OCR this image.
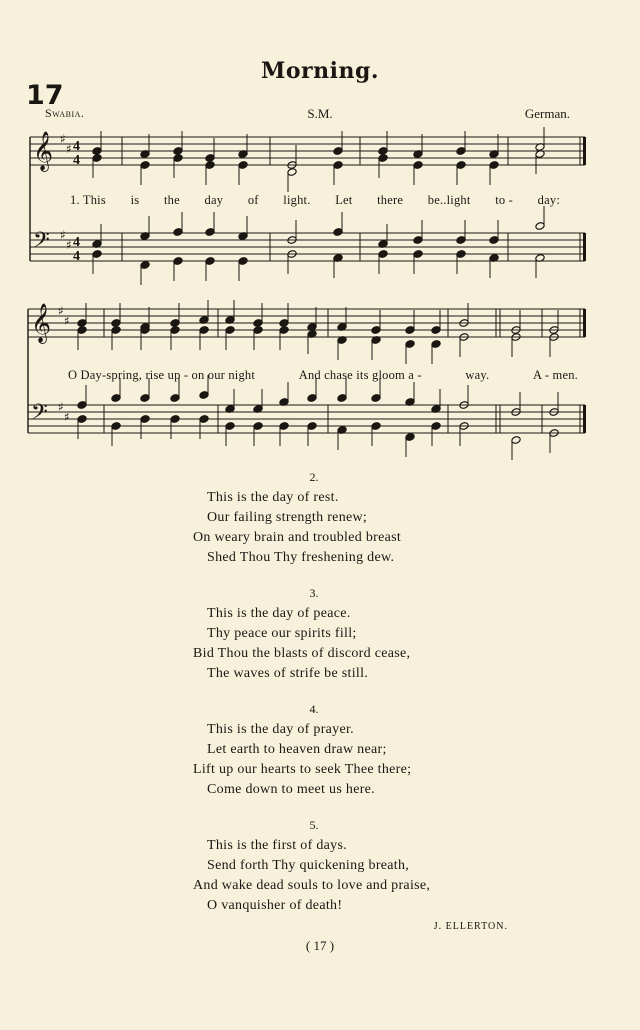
17
Morning.
Swabia.	S.M.	German.
𝄞
𝄢
♯
♯
♯
♯
𝄞
𝄢
♯
♯
♯
♯
4
4
4
4
1. This is the day of light. Let there be..light to - day:
O Day-spring, rise up - on our night	And chase its gloom a -	way.	A - men.
2.
This is the day of rest.
Our failing strength renew;
On weary brain and troubled breast
Shed Thou Thy freshening dew.
3.
This is the day of peace.
Thy peace our spirits fill;
Bid Thou the blasts of discord cease,
The waves of strife be still.
4.
This is the day of prayer.
Let earth to heaven draw near;
Lift up our hearts to seek Thee there;
Come down to meet us here.
5.
This is the first of days.
Send forth Thy quickening breath,
And wake dead souls to love and praise,
O vanquisher of death!
J. ELLERTON.
( 17 )
